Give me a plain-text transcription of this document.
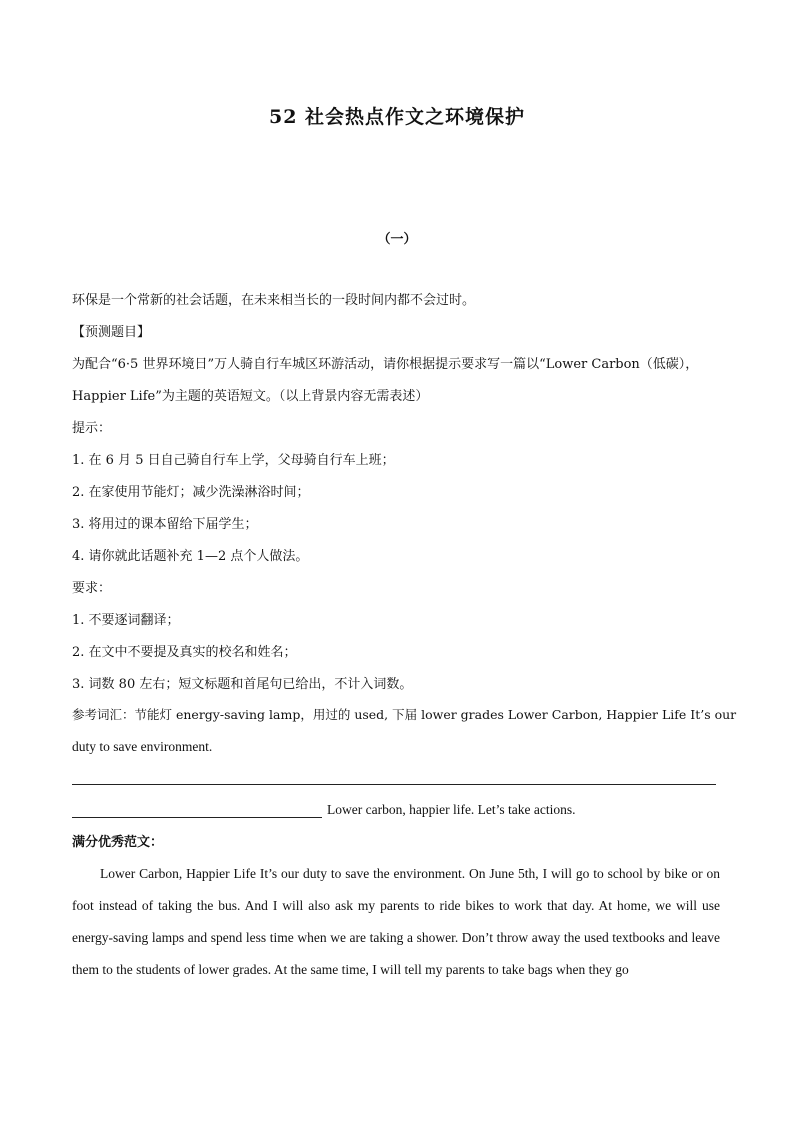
52 社会热点作文之环境保护
（一）
环保是一个常新的社会话题，在未来相当长的一段时间内都不会过时。
【预测题目】
为配合“6·5 世界环境日”万人骑自行车城区环游活动，请你根据提示要求写一篇以“Lower Carbon（低碳），
Happier Life”为主题的英语短文。（以上背景内容无需表述）
提示：
1. 在 6 月 5 日自己骑自行车上学，父母骑自行车上班；
2. 在家使用节能灯；减少洗澡淋浴时间；
3. 将用过的课本留给下届学生；
4. 请你就此话题补充 1—2 点个人做法。
要求：
1. 不要逐词翻译；
2. 在文中不要提及真实的校名和姓名；
3. 词数 80 左右；短文标题和首尾句已给出，不计入词数。
参考词汇：节能灯 energy-saving lamp，用过的 used, 下届 lower grades Lower Carbon, Happier Life It’s our
duty to save environment.
Lower carbon, happier life. Let’s take actions.
满分优秀范文：
Lower Carbon, Happier Life It’s our duty to save the environment. On June 5th, I will go to school by bike or on foot instead of taking the bus. And I will also ask my parents to ride bikes to work that day. At home, we will use energy-saving lamps and spend less time when we are taking a shower. Don’t throw away the used textbooks and leave them to the students of lower grades. At the same time, I will tell my parents to take bags when they go
